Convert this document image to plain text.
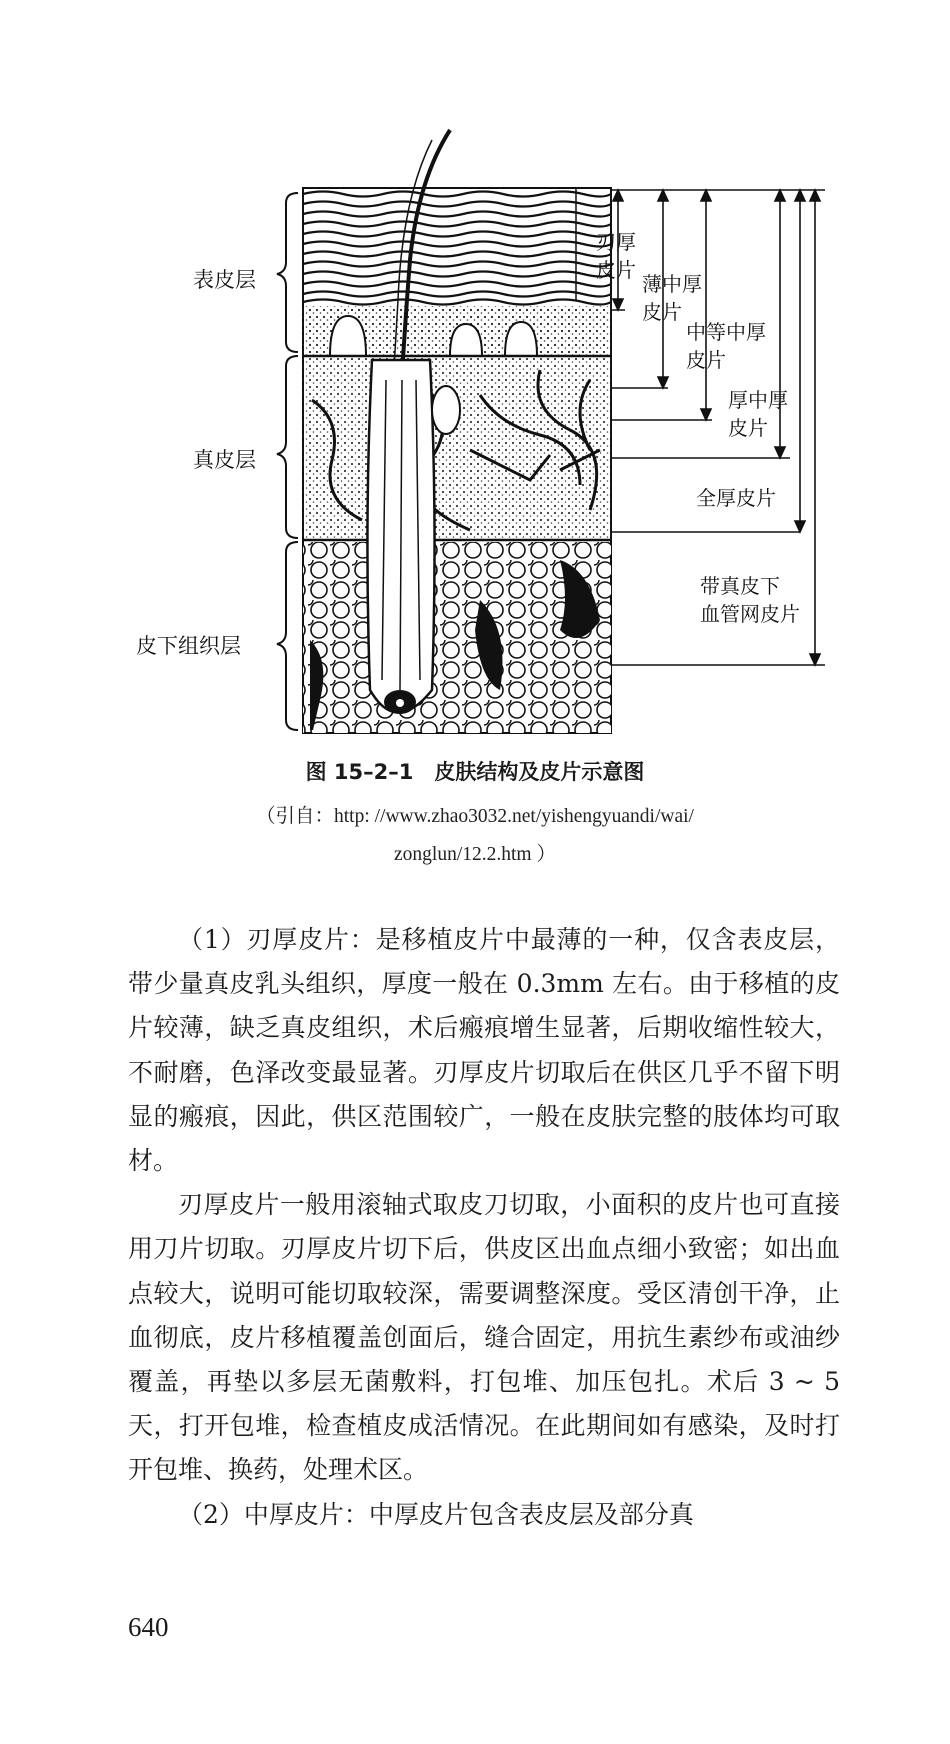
表皮层
真皮层
皮下组织层
刃厚
皮片
薄中厚
皮片
中等中厚
皮片
厚中厚
皮片
全厚皮片
带真皮下
血管网皮片
图 15–2–1　皮肤结构及皮片示意图
（引自：http: //www.zhao3032.net/yishengyuandi/wai/
zonglun/12.2.htm ）

（1）刃厚皮片：是移植皮片中最薄的一种，仅含表皮层，带少量真皮乳头组织，厚度一般在 0.3mm 左右。由于移植的皮片较薄，缺乏真皮组织，术后瘢痕增生显著，后期收缩性较大，不耐磨，色泽改变最显著。刃厚皮片切取后在供区几乎不留下明显的瘢痕，因此，供区范围较广，一般在皮肤完整的肢体均可取材。

刃厚皮片一般用滚轴式取皮刀切取，小面积的皮片也可直接用刀片切取。刃厚皮片切下后，供皮区出血点细小致密；如出血点较大，说明可能切取较深，需要调整深度。受区清创干净，止血彻底，皮片移植覆盖创面后，缝合固定，用抗生素纱布或油纱覆盖，再垫以多层无菌敷料，打包堆、加压包扎。术后 3 ~ 5 天，打开包堆，检查植皮成活情况。在此期间如有感染，及时打开包堆、换药，处理术区。

（2）中厚皮片：中厚皮片包含表皮层及部分真

640
